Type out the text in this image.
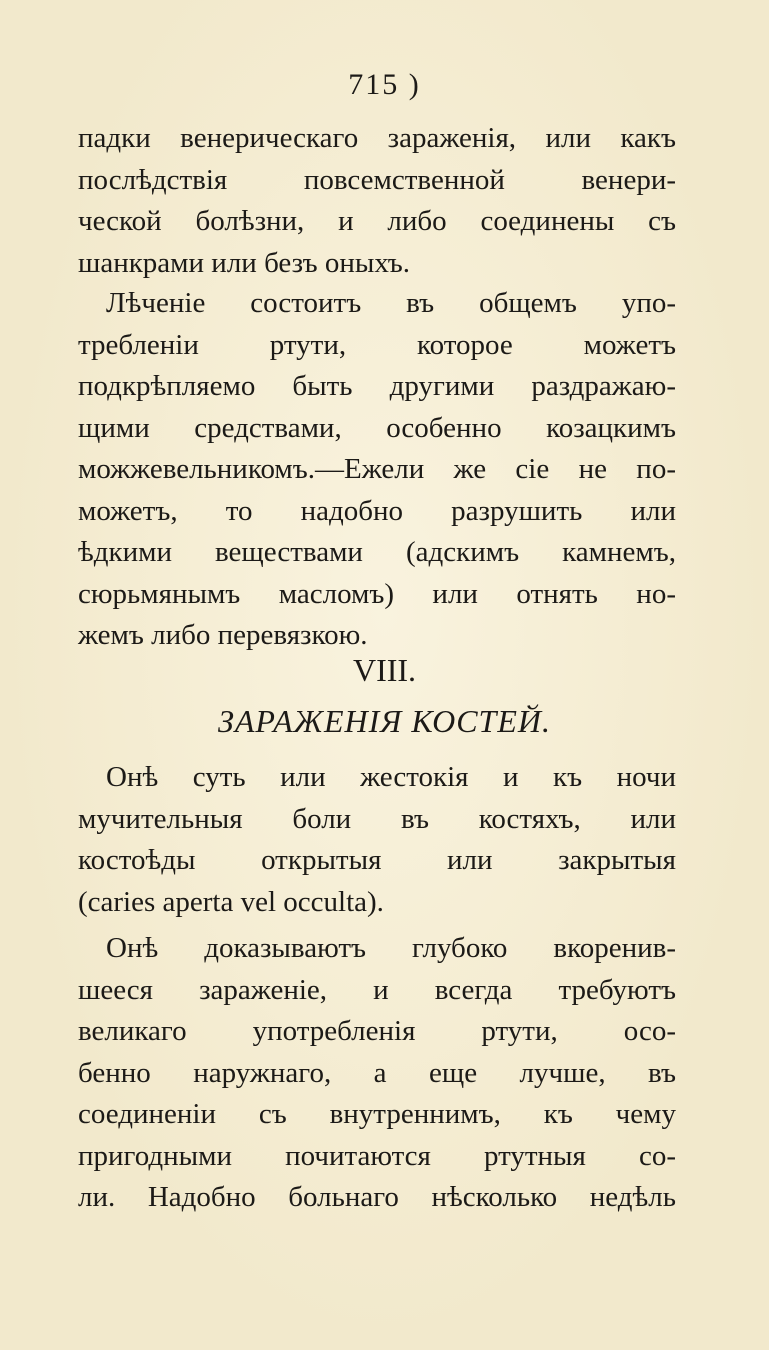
715 )
падки венерическаго зараженія, или какъ
послѣдствія повсемственной венери-
ческой болѣзни, и либо соединены съ
шанкрами или безъ оныхъ.
Лѣченіе состоитъ въ общемъ упо-
требленіи ртути, которое можетъ
подкрѣпляемо быть другими раздражаю-
щими средствами, особенно козацкимъ
можжевельникомъ.—Ежели же сіе не по-
можетъ, то надобно разрушить или
ѣдкими веществами (адскимъ камнемъ,
сюрьмянымъ масломъ) или отнять но-
жемъ либо перевязкою.
VIII.
ЗАРАЖЕНІЯ КОСТЕЙ.
Онѣ суть или жестокія и къ ночи
мучительныя боли въ костяхъ, или
костоѣды открытыя или закрытыя
(caries aperta vel occulta).
Онѣ доказываютъ глубоко вкоренив-
шееся зараженіе, и всегда требуютъ
великаго употребленія ртути, осо-
бенно наружнаго, а еще лучше, въ
соединеніи съ внутреннимъ, къ чему
пригодными почитаются ртутныя со-
ли. Надобно больнаго нѣсколько недѣль
